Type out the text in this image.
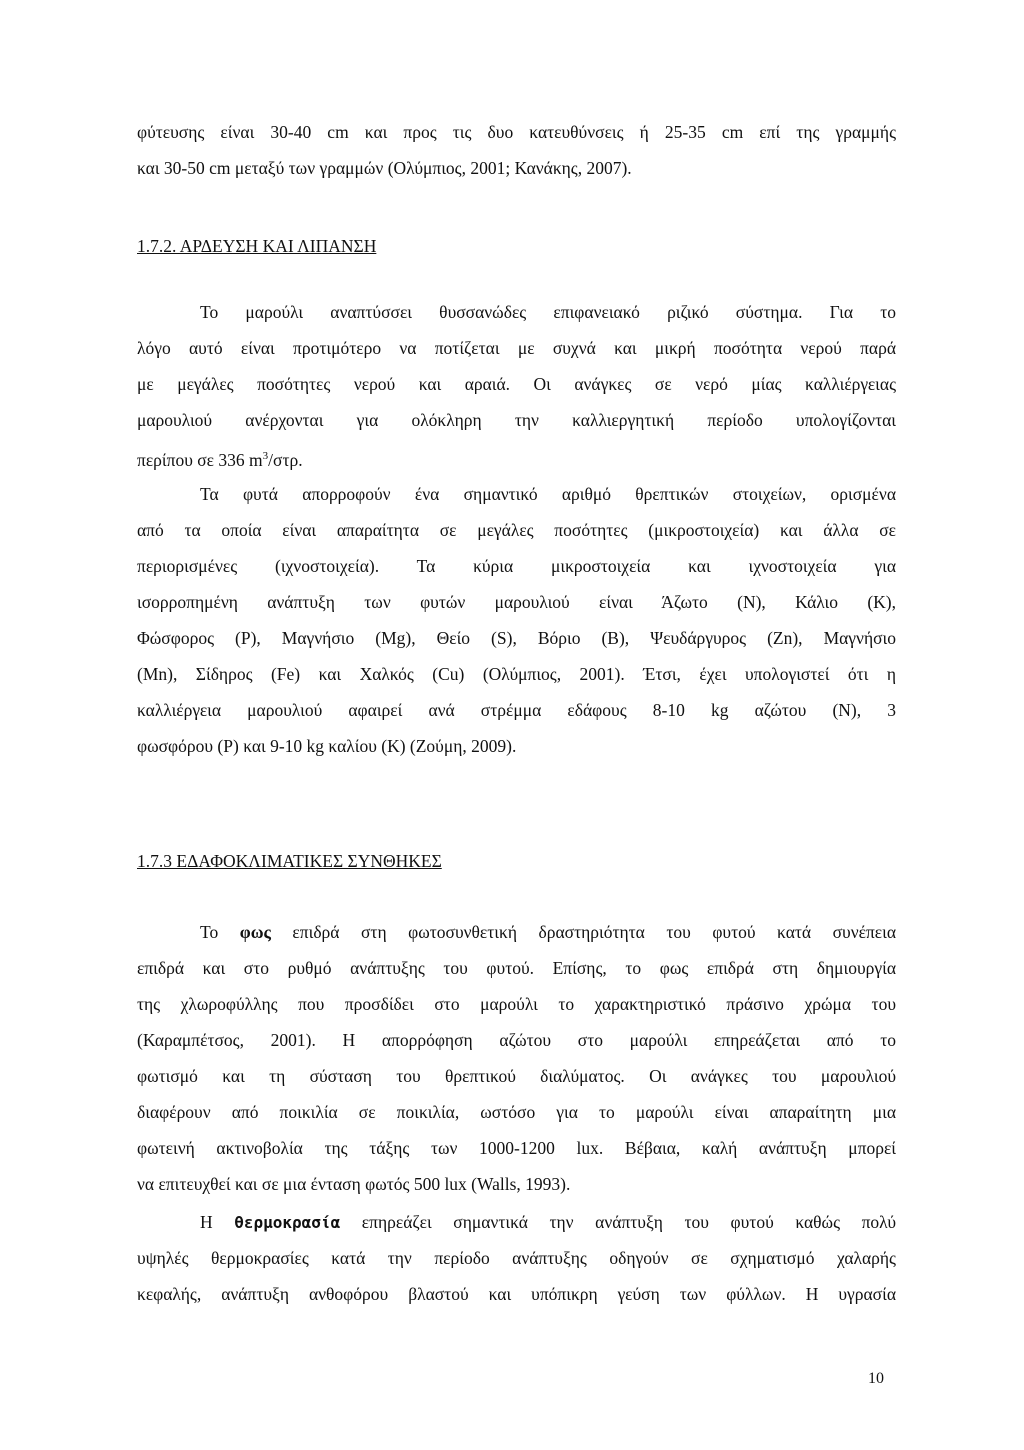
φύτευσης είναι 30-40 cm και προς τις δυο κατευθύνσεις ή 25-35 cm επί της γραμμής
και 30-50 cm μεταξύ των γραμμών (Ολύμπιος, 2001; Κανάκης, 2007).
1.7.2. ΑΡΔΕΥΣΗ ΚΑΙ ΛΙΠΑΝΣΗ
Το μαρούλι αναπτύσσει θυσσανώδες επιφανειακό ριζικό σύστημα. Για το
λόγο αυτό είναι προτιμότερο να ποτίζεται με συχνά και μικρή ποσότητα νερού παρά
με μεγάλες ποσότητες νερού και αραιά. Οι ανάγκες σε νερό μίας καλλιέργειας
μαρουλιού ανέρχονται για ολόκληρη την καλλιεργητική περίοδο υπολογίζονται
περίπου σε 336 $m^3$/στρ.
Τα φυτά απορροφούν ένα σημαντικό αριθμό θρεπτικών στοιχείων, ορισμένα
από τα οποία είναι απαραίτητα σε μεγάλες ποσότητες (μικροστοιχεία) και άλλα σε
περιορισμένες (ιχνοστοιχεία). Τα κύρια μικροστοιχεία και ιχνοστοιχεία για
ισορροπημένη ανάπτυξη των φυτών μαρουλιού είναι Άζωτο (Ν), Κάλιο (Κ),
Φώσφορος (Ρ), Μαγνήσιο (Mg), Θείο (S), Βόριο (Β), Ψευδάργυρος (Zn), Μαγνήσιο
(Μn), Σίδηρος (Fe) και Χαλκός (Cu) (Ολύμπιος, 2001). Έτσι, έχει υπολογιστεί ότι η
καλλιέργεια μαρουλιού αφαιρεί ανά στρέμμα εδάφους 8-10 kg αζώτου (Ν), 3
φωσφόρου (Ρ) και 9-10 kg καλίου (Κ) (Ζούμη, 2009).
1.7.3 ΕΔΑΦΟΚΛΙΜΑΤΙΚΕΣ ΣΥΝΘΗΚΕΣ
Το φως επιδρά στη φωτοσυνθετική δραστηριότητα του φυτού κατά συνέπεια
επιδρά και στο ρυθμό ανάπτυξης του φυτού. Επίσης, το φως επιδρά στη δημιουργία
της χλωροφύλλης που προσδίδει στο μαρούλι το χαρακτηριστικό πράσινο χρώμα του
(Καραμπέτσος, 2001). Η απορρόφηση αζώτου στο μαρούλι επηρεάζεται από το
φωτισμό και τη σύσταση του θρεπτικού διαλύματος. Οι ανάγκες του μαρουλιού
διαφέρουν από ποικιλία σε ποικιλία, ωστόσο για το μαρούλι είναι απαραίτητη μια
φωτεινή ακτινοβολία της τάξης των 1000-1200 lux. Βέβαια, καλή ανάπτυξη μπορεί
να επιτευχθεί και σε μια ένταση φωτός 500 lux (Walls, 1993).
Η θερμοκρασία επηρεάζει σημαντικά την ανάπτυξη του φυτού καθώς πολύ
υψηλές θερμοκρασίες κατά την περίοδο ανάπτυξης οδηγούν σε σχηματισμό χαλαρής
κεφαλής, ανάπτυξη ανθοφόρου βλαστού και υπόπικρη γεύση των φύλλων. Η υγρασία
10
